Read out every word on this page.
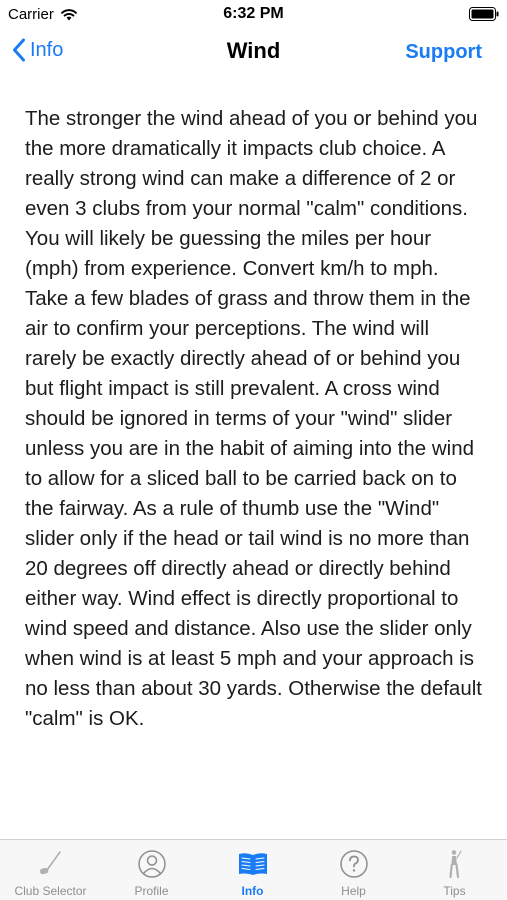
Carrier	6:32 PM
Info	Wind	Support

The stronger the wind ahead of you or behind you the more dramatically it impacts club choice. A really strong wind can make a difference of 2 or even 3 clubs from your normal "calm" conditions. You will likely be guessing the miles per hour (mph) from experience. Convert km/h to mph. Take a few blades of grass and throw them in the air to confirm your perceptions. The wind will rarely be exactly directly ahead of or behind you but flight impact is still prevalent. A cross wind should be ignored in terms of your "wind" slider unless you are in the habit of aiming into the wind to allow for a sliced ball to be carried back on to the fairway. As a rule of thumb use the "Wind" slider only if the head or tail wind is no more than 20 degrees off directly ahead or directly behind either way. Wind effect is directly proportional to wind speed and distance. Also use the slider only when wind is at least 5 mph and your approach is no less than about 30 yards. Otherwise the default "calm" is OK.

Club Selector	Profile	Info	Help	Tips
